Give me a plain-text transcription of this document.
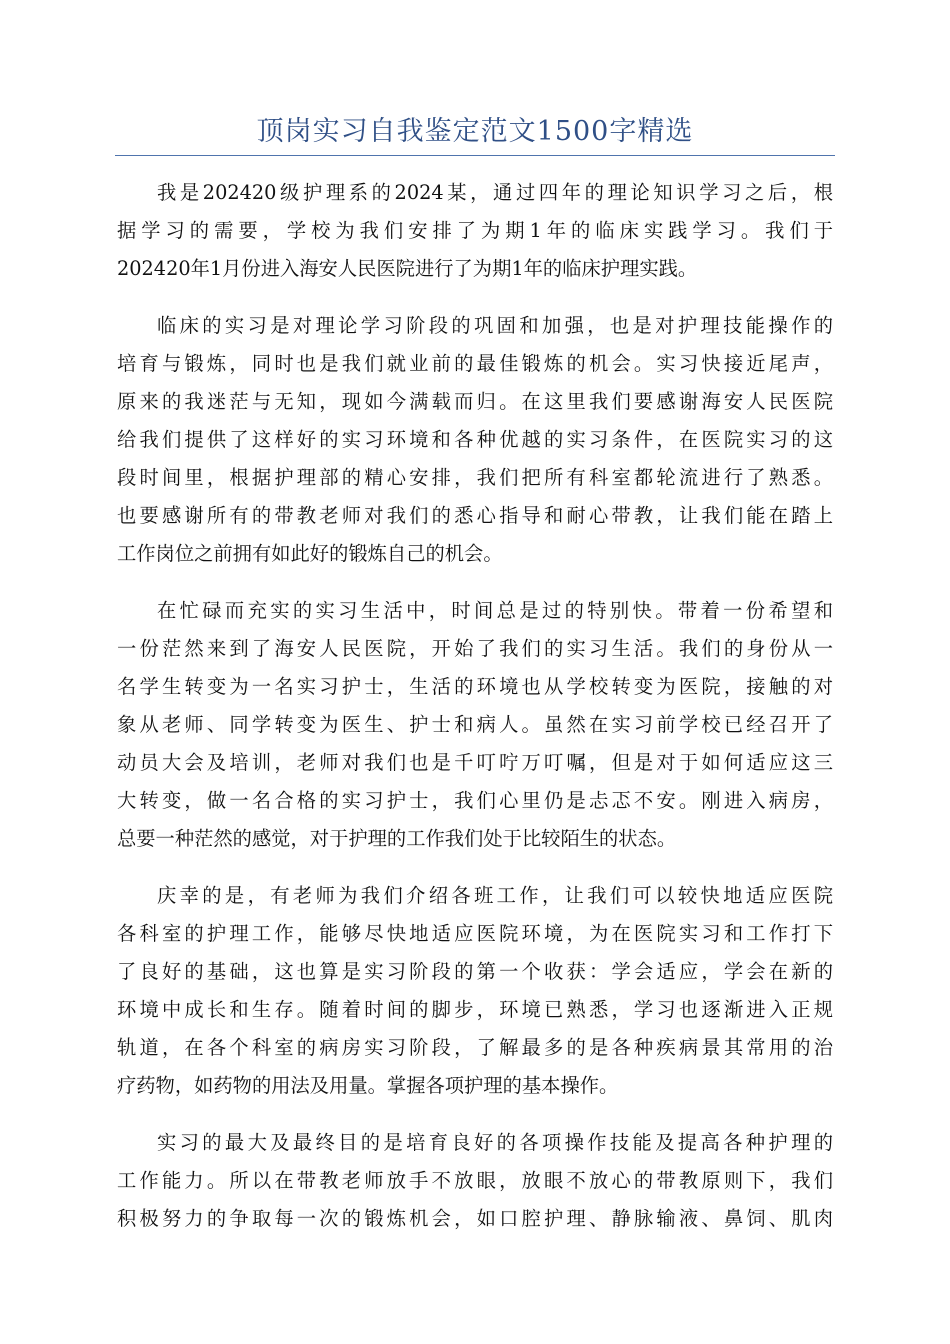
顶岗实习自我鉴定范文1500字精选
我是202420级护理系的2024某，通过四年的理论知识学习之后，根
据学习的需要，学校为我们安排了为期1年的临床实践学习。我们于
202420年1月份进入海安人民医院进行了为期1年的临床护理实践。
临床的实习是对理论学习阶段的巩固和加强，也是对护理技能操作的
培育与锻炼，同时也是我们就业前的最佳锻炼的机会。实习快接近尾声，
原来的我迷茫与无知，现如今满载而归。在这里我们要感谢海安人民医院
给我们提供了这样好的实习环境和各种优越的实习条件，在医院实习的这
段时间里，根据护理部的精心安排，我们把所有科室都轮流进行了熟悉。
也要感谢所有的带教老师对我们的悉心指导和耐心带教，让我们能在踏上
工作岗位之前拥有如此好的锻炼自己的机会。
在忙碌而充实的实习生活中，时间总是过的特别快。带着一份希望和
一份茫然来到了海安人民医院，开始了我们的实习生活。我们的身份从一
名学生转变为一名实习护士，生活的环境也从学校转变为医院，接触的对
象从老师、同学转变为医生、护士和病人。虽然在实习前学校已经召开了
动员大会及培训，老师对我们也是千叮咛万叮嘱，但是对于如何适应这三
大转变，做一名合格的实习护士，我们心里仍是忐忑不安。刚进入病房，
总要一种茫然的感觉，对于护理的工作我们处于比较陌生的状态。
庆幸的是，有老师为我们介绍各班工作，让我们可以较快地适应医院
各科室的护理工作，能够尽快地适应医院环境，为在医院实习和工作打下
了良好的基础，这也算是实习阶段的第一个收获：学会适应，学会在新的
环境中成长和生存。随着时间的脚步，环境已熟悉，学习也逐渐进入正规
轨道，在各个科室的病房实习阶段，了解最多的是各种疾病景其常用的治
疗药物，如药物的用法及用量。掌握各项护理的基本操作。
实习的最大及最终目的是培育良好的各项操作技能及提高各种护理的
工作能力。所以在带教老师放手不放眼，放眼不放心的带教原则下，我们
积极努力的争取每一次的锻炼机会，如口腔护理、静脉输液、鼻饲、肌肉
